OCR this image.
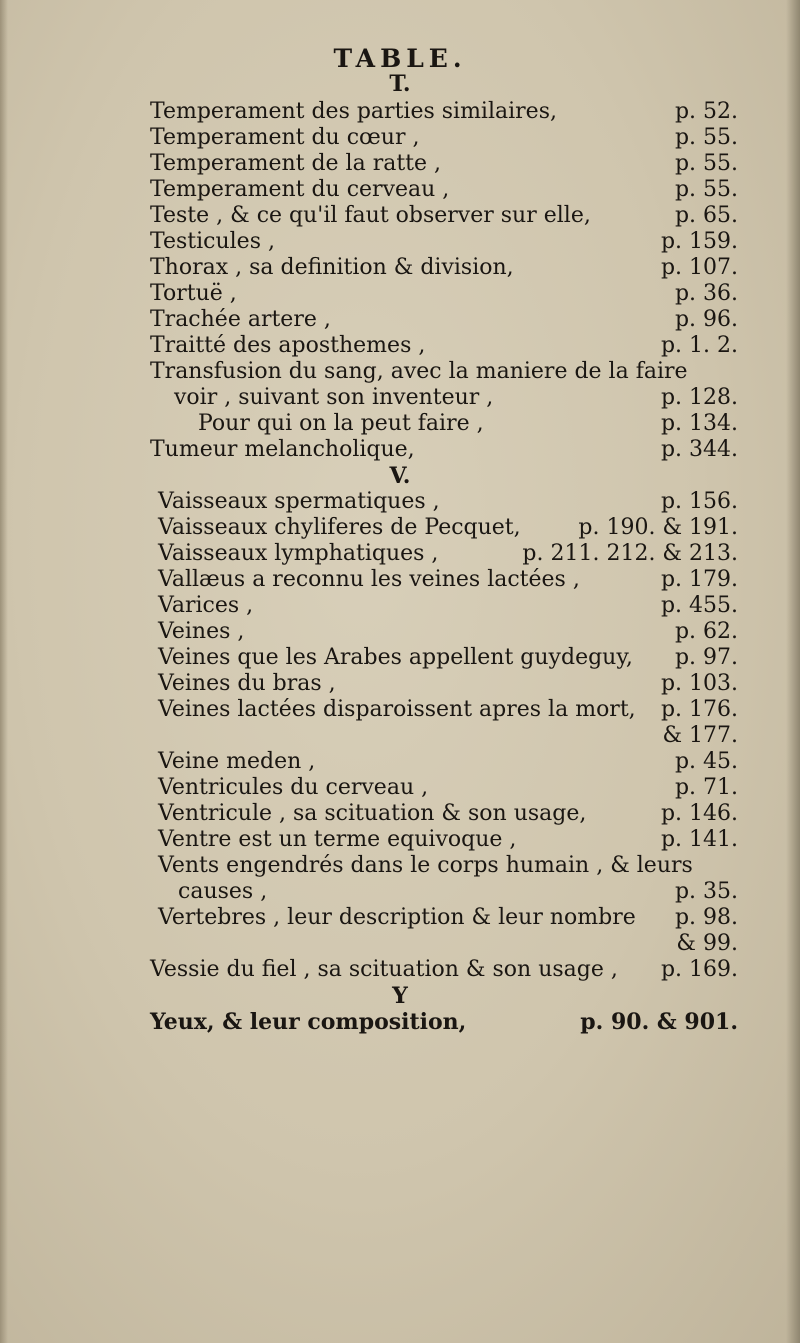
TABLE.
T.
Temperament des parties similaires,	p. 52.
Temperament du cœur ,	p. 55.
Temperament de la ratte ,	p. 55.
Temperament du cerveau ,	p. 55.
Teste , & ce qu'il faut observer sur elle,	p. 65.
Testicules ,	p. 159.
Thorax , sa definition & division,	p. 107.
Tortuë ,	p. 36.
Trachée artere ,	p. 96.
Traitté des aposthemes ,	p. 1. 2.
Transfusion du sang, avec la maniere de la faire
voir , suivant son inventeur ,	p. 128.
Pour qui on la peut faire ,	p. 134.
Tumeur melancholique,	p. 344.
V.
Vaisseaux spermatiques ,	p. 156.
Vaisseaux chyliferes de Pecquet,	p. 190. & 191.
Vaisseaux lymphatiques ,	p. 211. 212. & 213.
Vallæus a reconnu les veines lactées ,	p. 179.
Varices ,	p. 455.
Veines ,	p. 62.
Veines que les Arabes appellent guydeguy, p. 97.
Veines du bras ,	p. 103.
Veines lactées disparoissent apres la mort, p. 176.
& 177.
Veine meden ,	p. 45.
Ventricules du cerveau ,	p. 71.
Ventricule , sa scituation & son usage,	p. 146.
Ventre est un terme equivoque ,	p. 141.
Vents engendrés dans le corps humain , & leurs
causes ,	p. 35.
Vertebres , leur description & leur nombre p. 98.
& 99.
Vessie du fiel , sa scituation & son usage , p. 169.
Y
Yeux, & leur composition,	p. 90. & 901.
